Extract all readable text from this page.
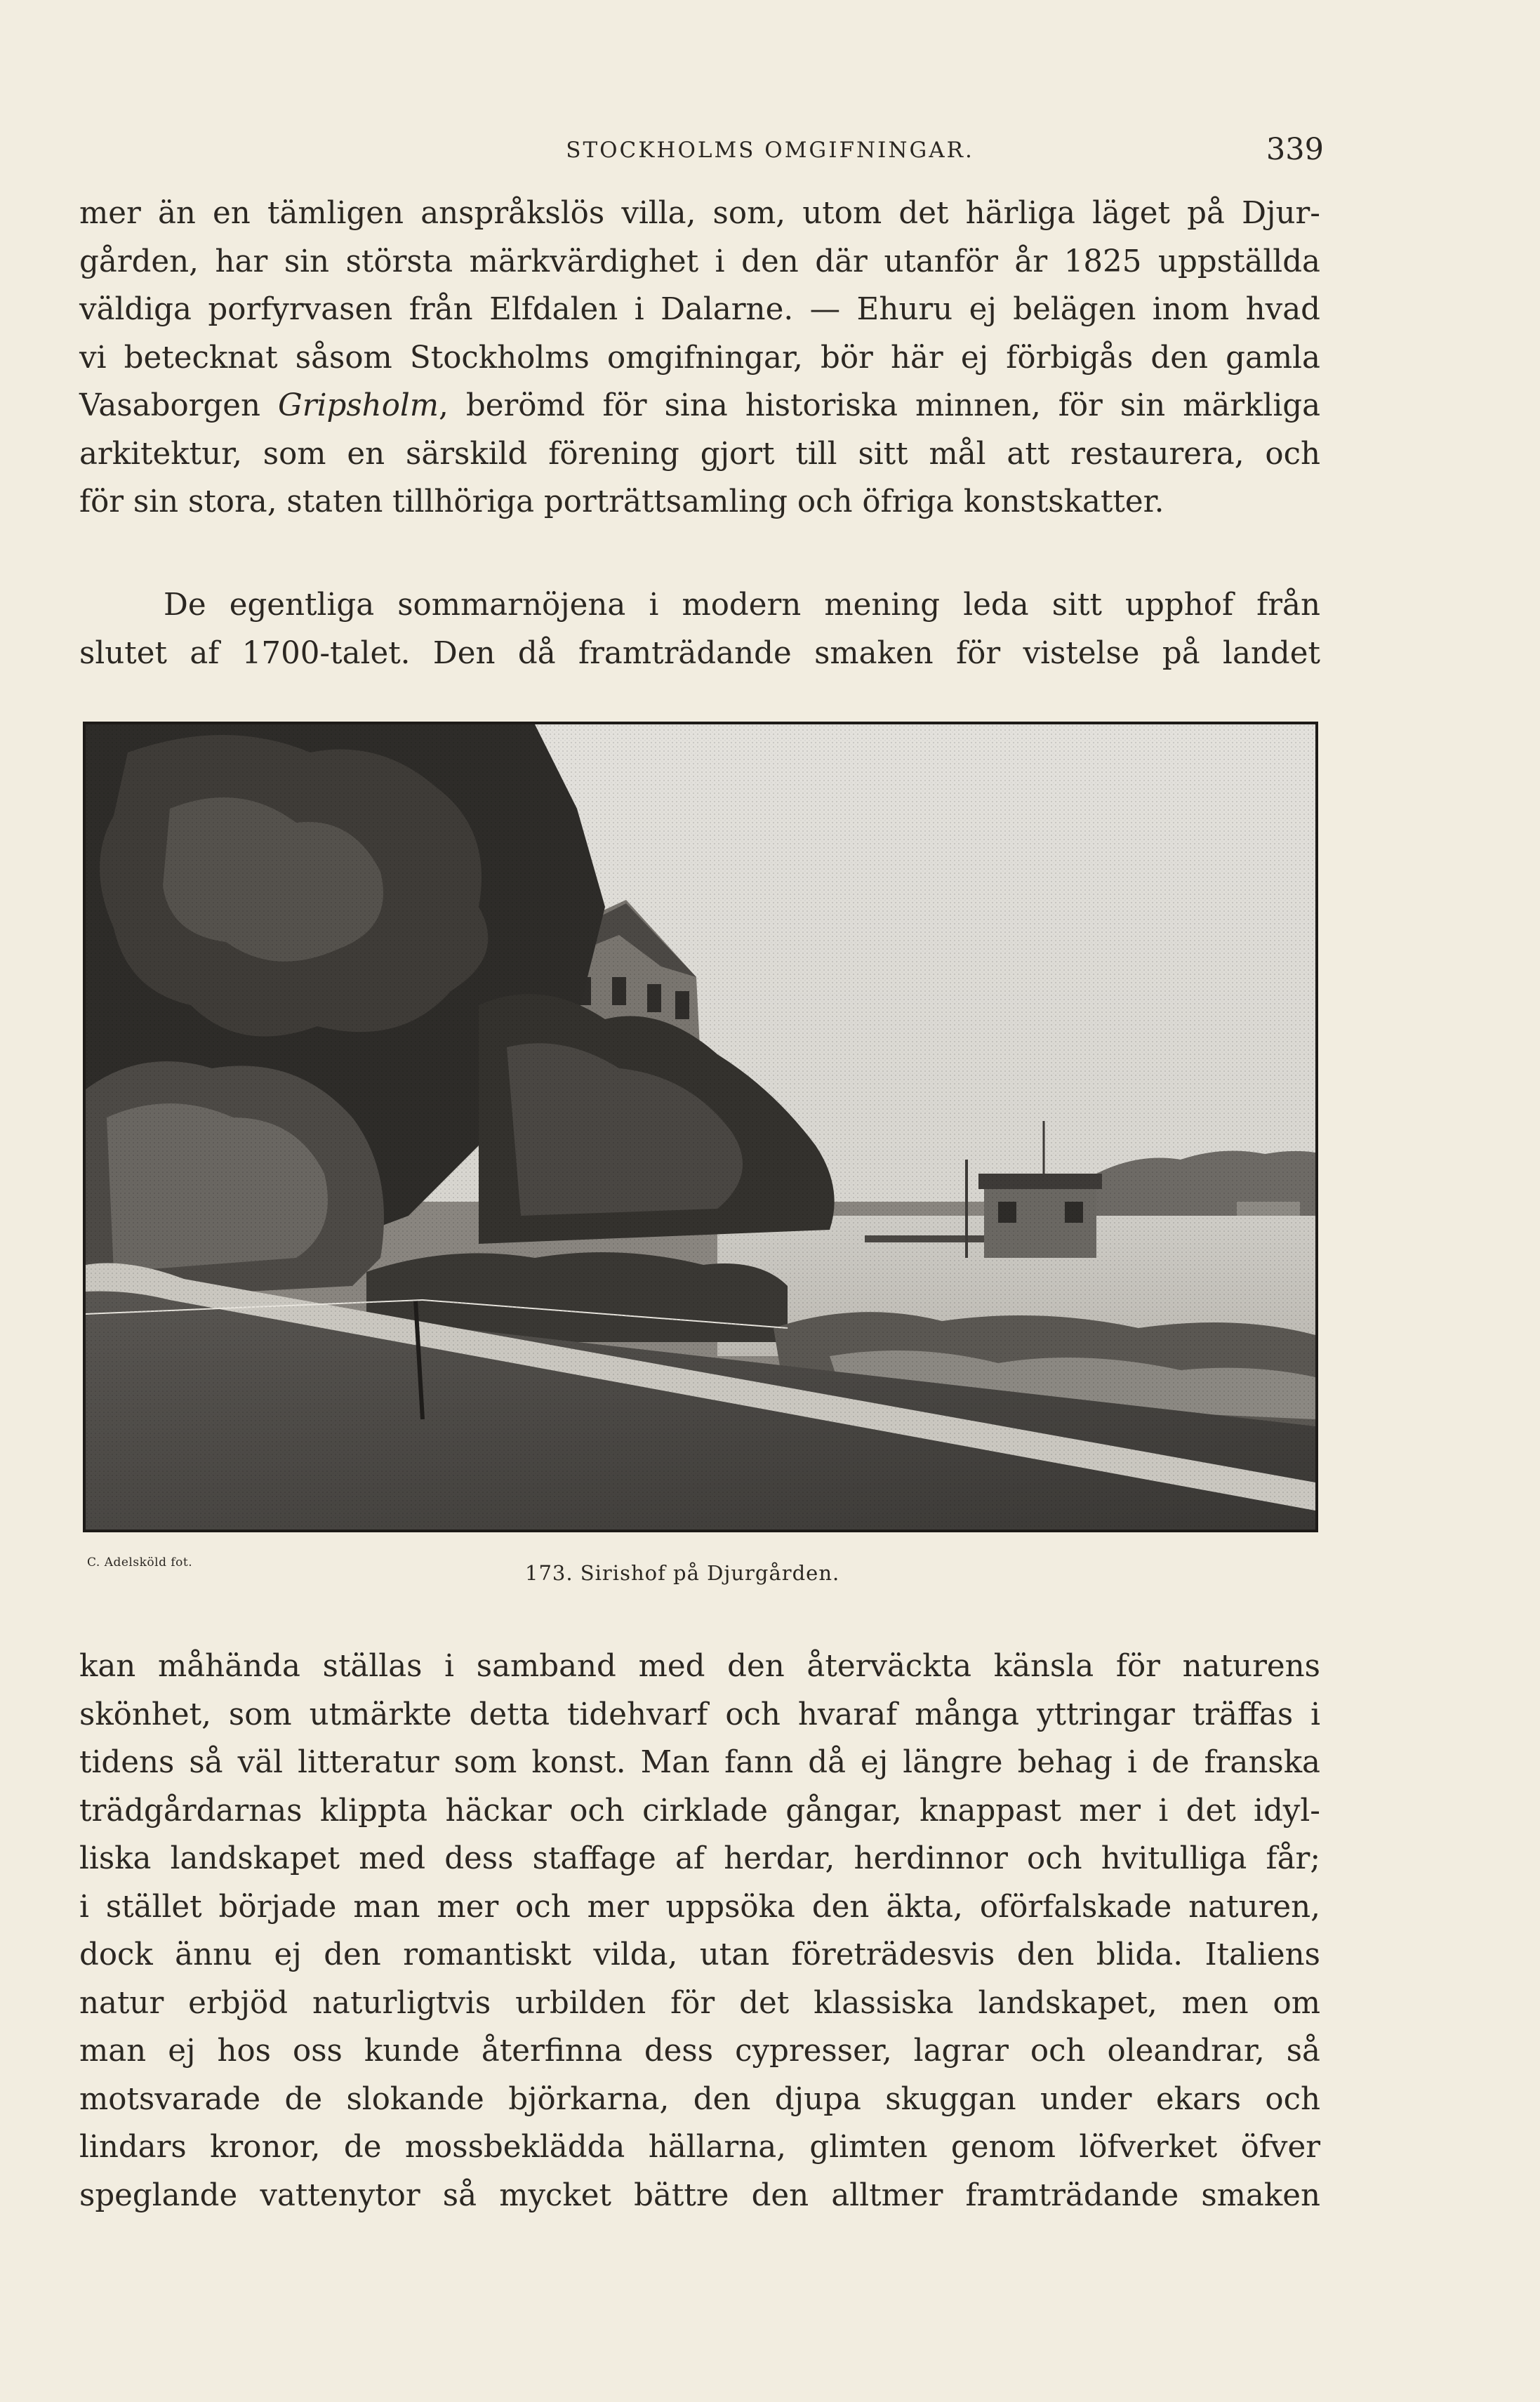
STOCKHOLMS OMGIFNINGAR.	339

mer än en tämligen anspråkslös villa, som, utom det härliga läget på Djur-
gården, har sin största märkvärdighet i den där utanför år 1825 uppställda
väldiga porfyrvasen från Elfdalen i Dalarne. — Ehuru ej belägen inom hvad
vi betecknat såsom Stockholms omgifningar, bör här ej förbigås den gamla
Vasaborgen Gripsholm, berömd för sina historiska minnen, för sin märkliga
arkitektur, som en särskild förening gjort till sitt mål att restaurera, och
för sin stora, staten tillhöriga porträttsamling och öfriga konstskatter.

De egentliga sommarnöjena i modern mening leda sitt upphof från
slutet af 1700-talet. Den då framträdande smaken för vistelse på landet

C. Adelsköld fot.	173. Sirishof på Djurgården.

kan måhända ställas i samband med den återväckta känsla för naturens
skönhet, som utmärkte detta tidehvarf och hvaraf många yttringar träffas i
tidens så väl litteratur som konst. Man fann då ej längre behag i de franska
trädgårdarnas klippta häckar och cirklade gångar, knappast mer i det idyl-
liska landskapet med dess staffage af herdar, herdinnor och hvitulliga får;
i stället började man mer och mer uppsöka den äkta, oförfalskade naturen,
dock ännu ej den romantiskt vilda, utan företrädesvis den blida. Italiens
natur erbjöd naturligtvis urbilden för det klassiska landskapet, men om
man ej hos oss kunde återfinna dess cypresser, lagrar och oleandrar, så
motsvarade de slokande björkarna, den djupa skuggan under ekars och
lindars kronor, de mossbeklädda hällarna, glimten genom löfverket öfver
speglande vattenytor så mycket bättre den alltmer framträdande smaken
